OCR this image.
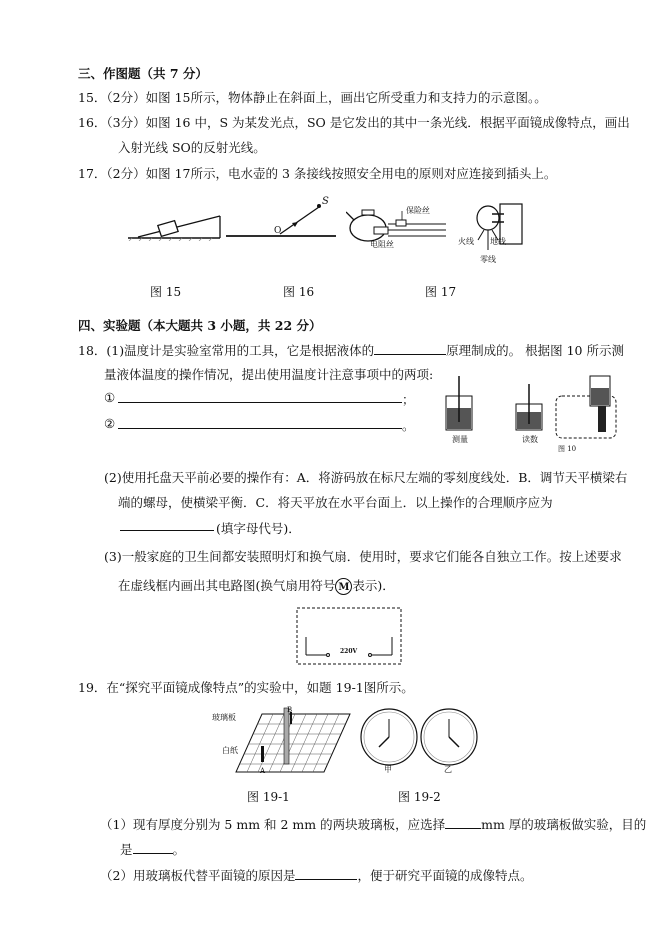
三、作图题（共 7 分）
15．（2分）如图 15所示，物体静止在斜面上，画出它所受重力和支持力的示意图。。
16．（3分）如图 16 中，S 为某发光点，SO 是它发出的其中一条光线．根据平面镜成像特点，画出
入射光线 SO的反射光线。
17．（2分）如图 17所示，电水壶的 3 条接线按照安全用电的原则对应连接到插头上。
S
O
保险丝
电阻丝	火线 地线
零线
图 15	图 16	图 17
四、实验题（本大题共 3 小题，共 22 分）
18．(1)温度计是实验室常用的工具，它是根据液体的	原理制成的。 根据图 10 所示测
量液体温度的操作情况，提出使用温度计注意事项中的两项:
①	；
②	。
测量	读数
图 10
(2)使用托盘天平前必要的操作有：A．将游码放在标尺左端的零刻度线处．B．调节天平横梁右
端的螺母，使横梁平衡．C．将天平放在水平台面上．以上操作的合理顺序应为
(填字母代号)．
(3)一般家庭的卫生间都安装照明灯和换气扇．使用时，要求它们能各自独立工作。按上述要求
在虚线框内画出其电路图(换气扇用符号 M 表示)．
220V
19．在“探究平面镜成像特点”的实验中，如题 19-1图所示。
玻璃板
白纸
A
B
甲	乙
图 19-1	图 19-2
（1）现有厚度分别为 5 mm 和 2 mm 的两块玻璃板，应选择	mm 厚的玻璃板做实验，目的
是	。
（2）用玻璃板代替平面镜的原因是	，便于研究平面镜的成像特点。
